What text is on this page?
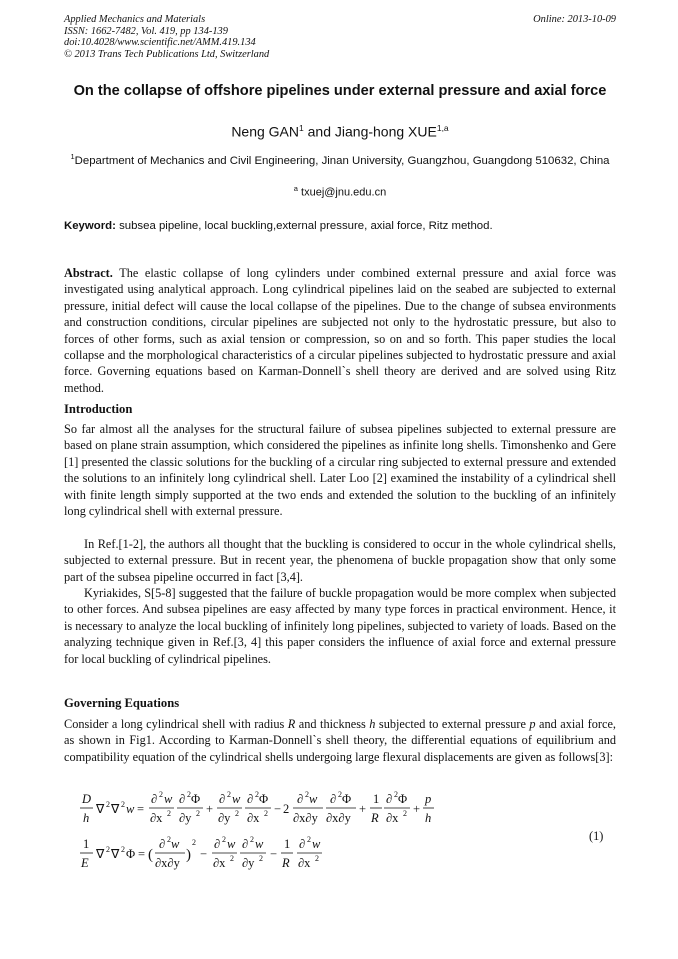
Applied Mechanics and Materials
ISSN: 1662-7482, Vol. 419, pp 134-139
doi:10.4028/www.scientific.net/AMM.419.134
© 2013 Trans Tech Publications Ltd, Switzerland
Online: 2013-10-09
On the collapse of offshore pipelines under external pressure and axial force
Neng GAN$^1$ and Jiang-hong XUE$^{1,a}$
$^1$Department of Mechanics and Civil Engineering, Jinan University, Guangzhou, Guangdong 510632, China
$^a$ txuej@jnu.edu.cn
Keyword: subsea pipeline, local buckling,external pressure, axial force, Ritz method.

Abstract. The elastic collapse of long cylinders under combined external pressure and axial force was investigated using analytical approach. Long cylindrical pipelines laid on the seabed are subjected to external pressure, initial defect will cause the local collapse of the pipelines. Due to the change of subsea environments and construction conditions, circular pipelines are subjected not only to the hydrostatic pressure, but also to forces of other forms, such as axial tension or compression, so on and so forth. This paper studies the local collapse and the morphological characteristics of a circular pipelines subjected to hydrostatic pressure and axial force. Governing equations based on Karman-Donnell`s shell theory are derived and are solved using Ritz method.

Introduction

So far almost all the analyses for the structural failure of subsea pipelines subjected to external pressure are based on plane strain assumption, which considered the pipelines as infinite long shells. Timonshenko and Gere [1] presented the classic solutions for the buckling of a circular ring subjected to external pressure and extended the solutions to an infinitely long cylindrical shell. Later Loo [2] examined the instability of a cylindrical shell with finite length simply supported at the two ends and extended the solution to the buckling of an infinitely long cylindrical shell with external pressure.

In Ref.[1-2], the authors all thought that the buckling is considered to occur in the whole cylindrical shells, subjected to external pressure. But in recent year, the phenomena of buckle propagation show that only some part of the subsea pipeline occurred in fact [3,4].

Kyriakides, S[5-8] suggested that the failure of buckle propagation would be more complex when subjected to other forces. And subsea pipelines are easy affected by many type forces in practical environment. Hence, it is necessary to analyze the local buckling of infinitely long pipelines, subjected to variety of loads. Based on the analyzing technique given in Ref.[3, 4] this paper considers the influence of axial force and external pressure for local buckling of cylindrical pipelines.

Governing Equations

Consider a long cylindrical shell with radius R and thickness h subjected to external pressure p and axial force, as shown in Fig1. According to Karman-Donnell`s shell theory, the differential equations of equilibrium and compatibility equation of the cylindrical shells undergoing large flexural displacements are given as follows[3]:

D
h
∇ 2 ∇ 2 w =
∂ 2 w
∂x 2
∂ 2 Φ
∂y 2 +
∂ 2 w
∂y 2
∂ 2 Φ
∂x 2 − 2
∂ 2 w
∂x∂y
∂ 2 Φ
∂x∂y
+
1
R
∂ 2 Φ
∂x 2 +
p
h
1
E
∇ 2 ∇ 2 Φ = (
∂ 2 w
∂x∂y )
2
−
∂ 2 w
∂x 2
∂ 2 w
∂y 2 −
1
R
∂ 2 w
∂x 2
(1)
